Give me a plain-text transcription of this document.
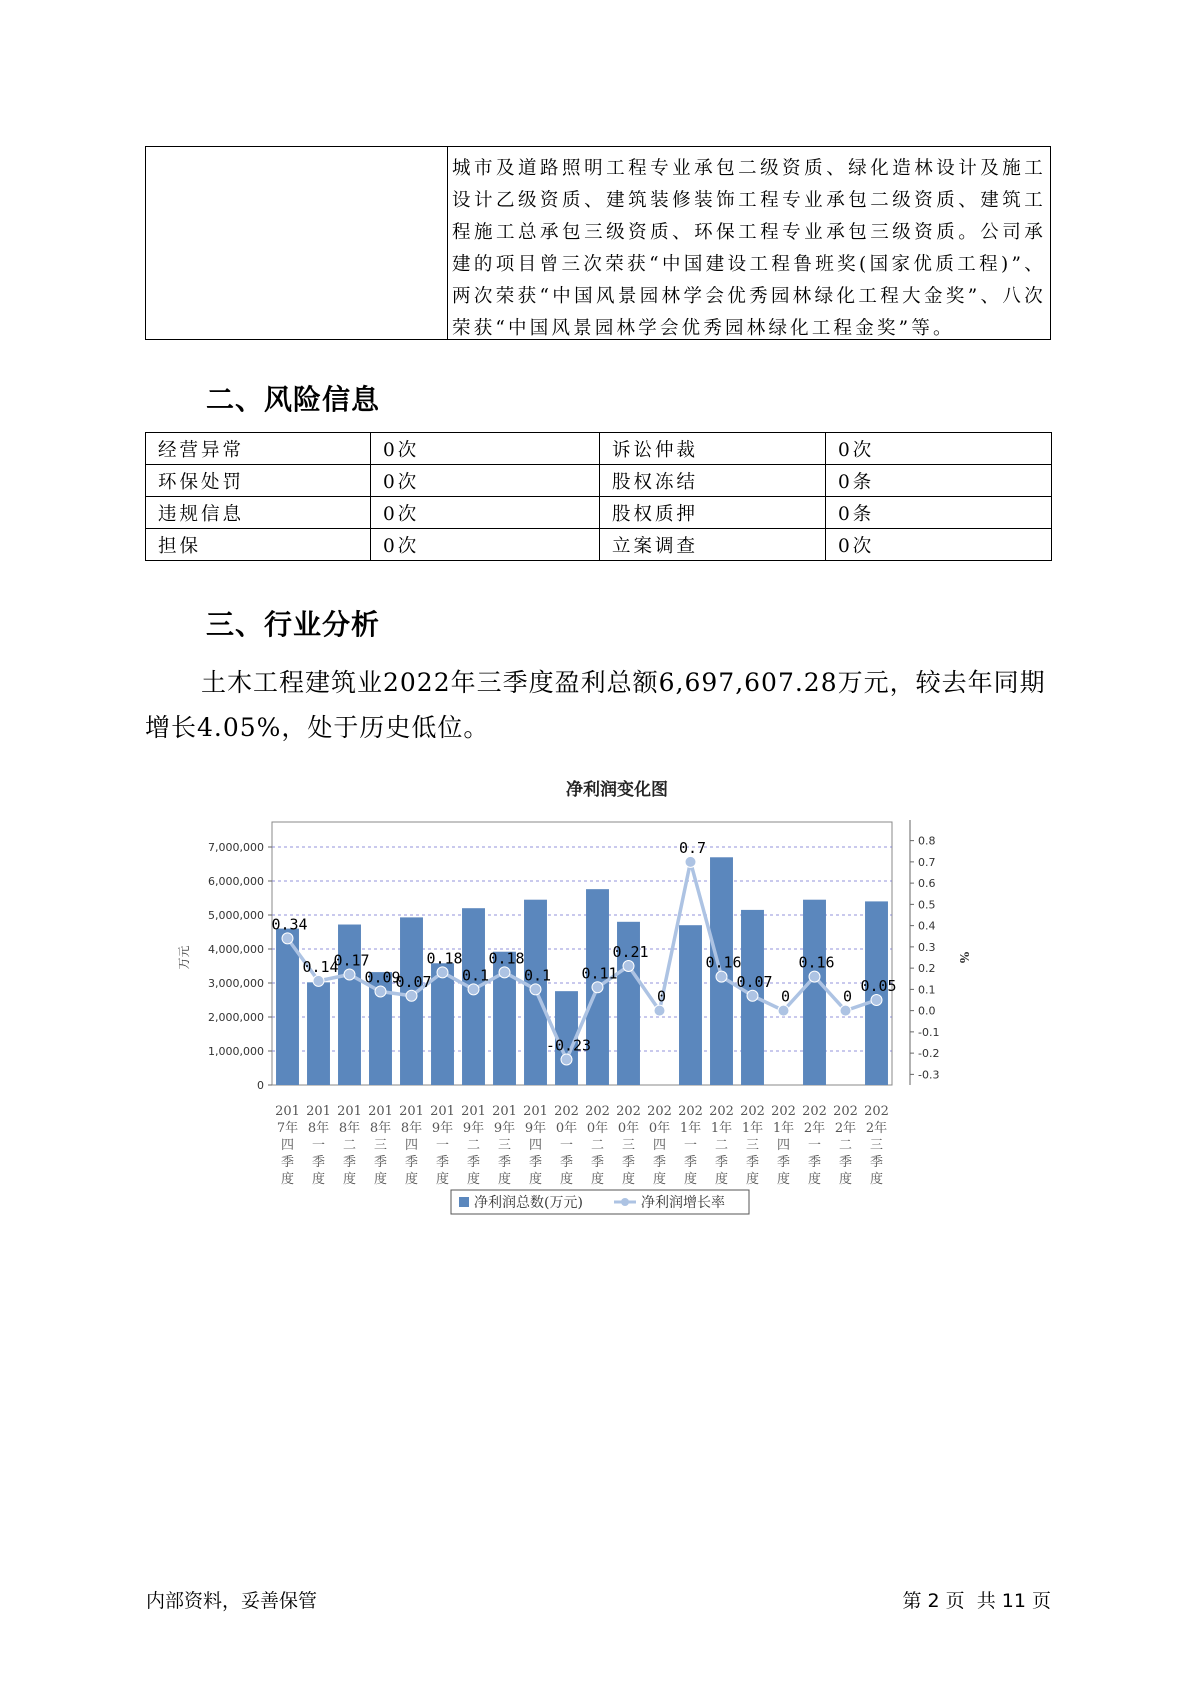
城市及道路照明工程专业承包二级资质、绿化造林设计及施工设计乙级资质、建筑装修装饰工程专业承包二级资质、建筑工程施工总承包三级资质、环保工程专业承包三级资质。公司承建的项目曾三次荣获“中国建设工程鲁班奖(国家优质工程)”、两次荣获“中国风景园林学会优秀园林绿化工程大金奖”、八次荣获“中国风景园林学会优秀园林绿化工程金奖”等。
二、风险信息
经营异常	0次	诉讼仲裁	0次
环保处罚	0次	股权冻结	0条
违规信息	0次	股权质押	0条
担保	0次	立案调查	0次
三、行业分析

土木工程建筑业2022年三季度盈利总额6,697,607.28万元，较去年同期增长4.05%，处于历史低位。

净利润变化图
0
1,000,000
2,000,000
3,000,000
4,000,000
5,000,000
6,000,000
7,000,000
-0.3
-0.2
-0.1
0.0
0.1
0.2
0.3
0.4
0.5
0.6
0.7
0.8
万元	%
0.34
0.14
0.17
0.09
0.07
0.18
0.1
0.18
0.1
-0.23
0.11
0.21
0
0.7
0.16
0.07
0
0.16
0
0.05
201
7年
四
季
度
201
8年
一
季
度
201
8年
二
季
度
201
8年
三
季
度
201
8年
四
季
度
201
9年
一
季
度
201
9年
二
季
度
201
9年
三
季
度
201
9年
四
季
度
202
0年
一
季
度
202
0年
二
季
度
202
0年
三
季
度
202
0年
四
季
度
202
1年
一
季
度
202
1年
二
季
度
202
1年
三
季
度
202
1年
四
季
度
202
2年
一
季
度
202
2年
二
季
度
202
2年
三
季
度
净利润总数(万元)	净利润增长率
内部资料，妥善保管	第 2 页  共 11 页
